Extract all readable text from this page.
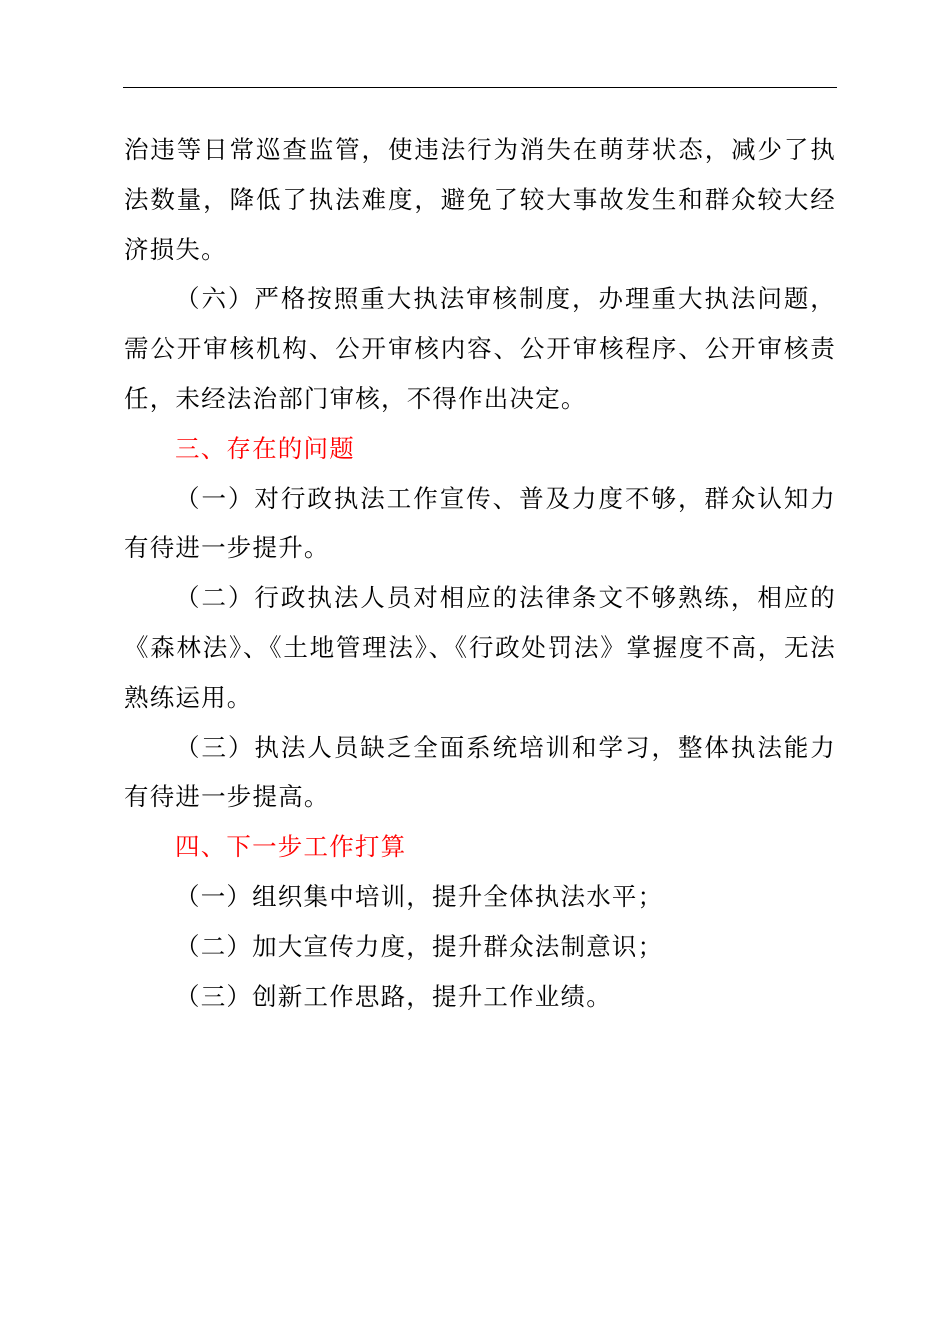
治违等日常巡查监管，使违法行为消失在萌芽状态，减少了执法数量，降低了执法难度，避免了较大事故发生和群众较大经济损失。

（六）严格按照重大执法审核制度，办理重大执法问题，需公开审核机构、公开审核内容、公开审核程序、公开审核责任，未经法治部门审核，不得作出决定。

三、存在的问题

（一）对行政执法工作宣传、普及力度不够，群众认知力有待进一步提升。

（二）行政执法人员对相应的法律条文不够熟练，相应的《森林法》、《土地管理法》、《行政处罚法》掌握度不高，无法熟练运用。

（三）执法人员缺乏全面系统培训和学习，整体执法能力有待进一步提高。

四、下一步工作打算

（一）组织集中培训，提升全体执法水平；

（二）加大宣传力度，提升群众法制意识；

（三）创新工作思路，提升工作业绩。
